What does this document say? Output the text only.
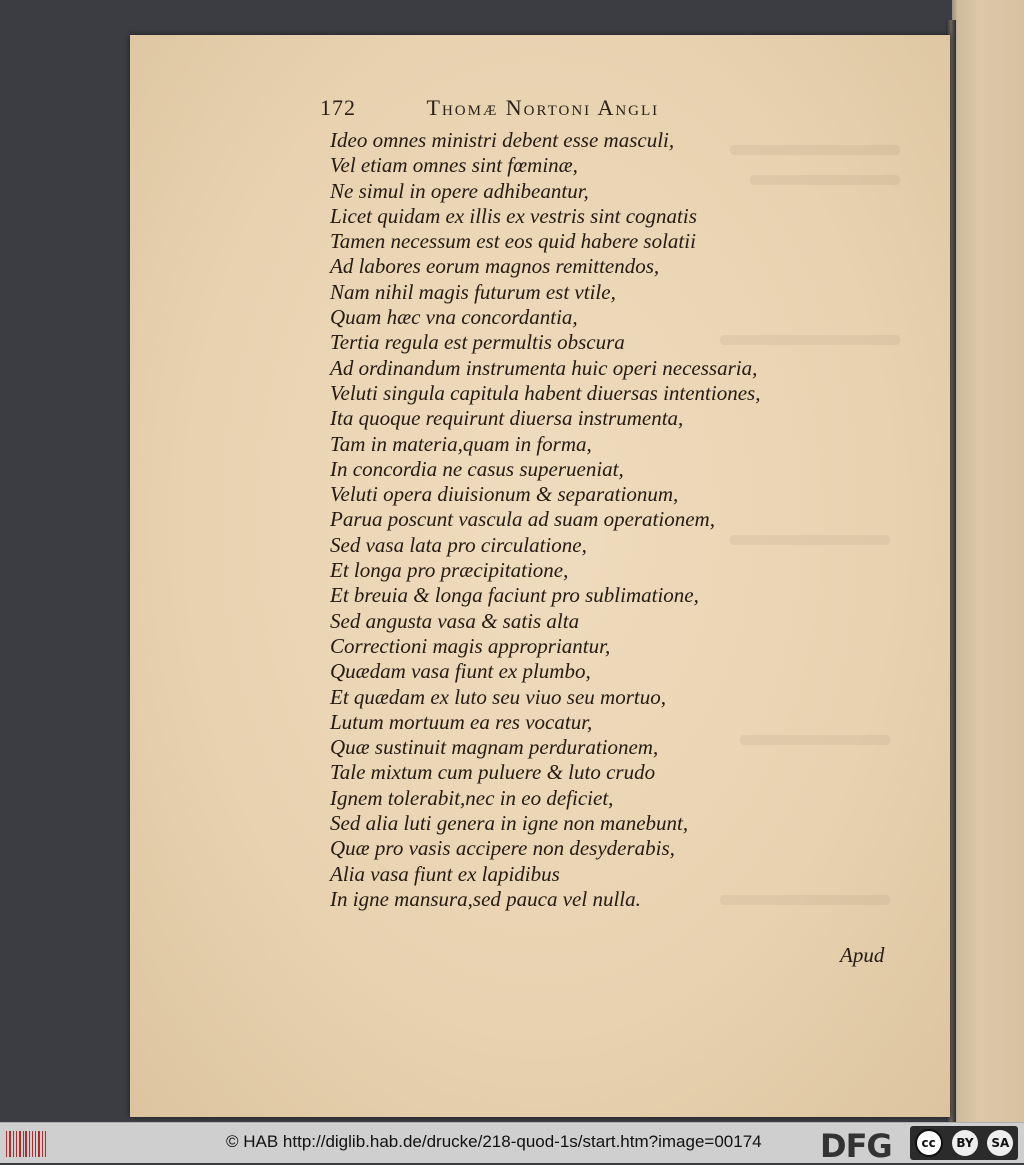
172	Thomæ Nortoni Angli
Ideo omnes ministri debent esse masculi,
Vel etiam omnes sint fœminæ,
Ne simul in opere adhibeantur,
Licet quidam ex illis ex vestris sint cognatis
Tamen necessum est eos quid habere solatii
Ad labores eorum magnos remittendos,
Nam nihil magis futurum est vtile,
Quam hæc vna concordantia,
Tertia regula est permultis obscura
Ad ordinandum instrumenta huic operi necessaria,
Veluti singula capitula habent diuersas intentiones,
Ita quoque requirunt diuersa instrumenta,
Tam in materia,quam in forma,
In concordia ne casus superueniat,
Veluti opera diuisionum & separationum,
Parua poscunt vascula ad suam operationem,
Sed vasa lata pro circulatione,
Et longa pro præcipitatione,
Et breuia & longa faciunt pro sublimatione,
Sed angusta vasa & satis alta
Correctioni magis appropriantur,
Quædam vasa fiunt ex plumbo,
Et quædam ex luto seu viuo seu mortuo,
Lutum mortuum ea res vocatur,
Quæ sustinuit magnam perdurationem,
Tale mixtum cum puluere & luto crudo
Ignem tolerabit,nec in eo deficiet,
Sed alia luti genera in igne non manebunt,
Quæ pro vasis accipere non desyderabis,
Alia vasa fiunt ex lapidibus
In igne mansura,sed pauca vel nulla.
Apud
© HAB http://diglib.hab.de/drucke/218-quod-1s/start.htm?image=00174 DFG	cc	BY	SA
